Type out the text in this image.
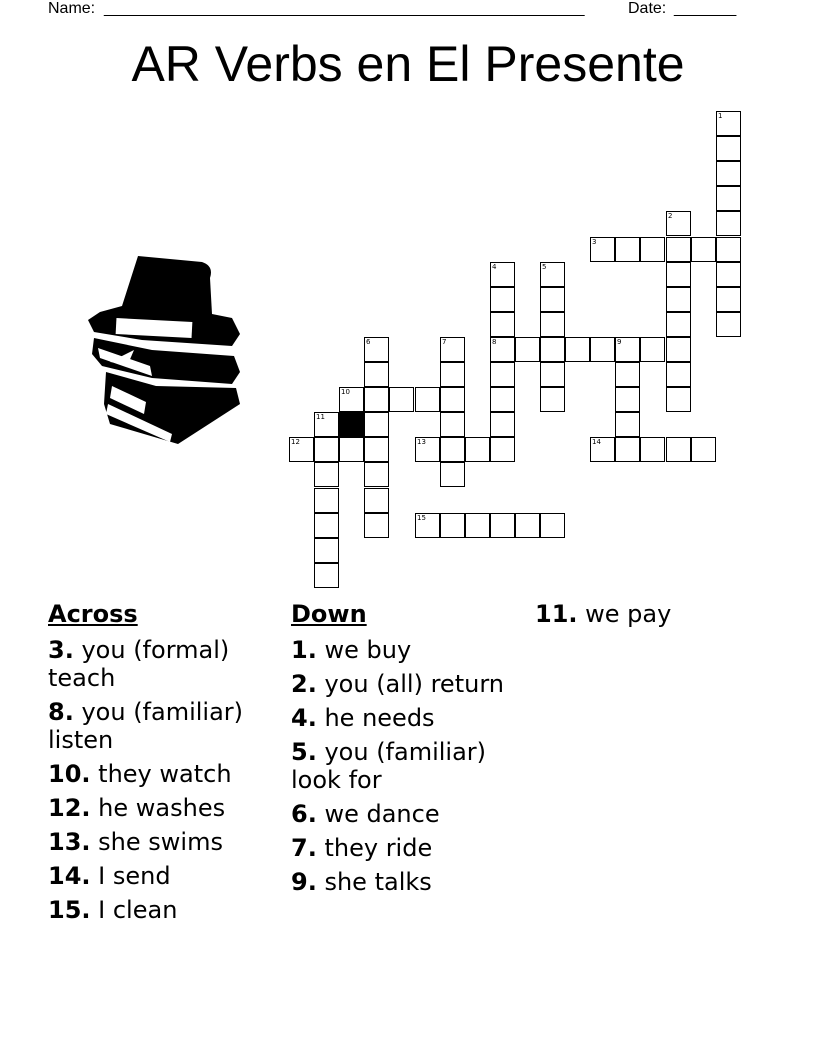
Name: ______________________________________________________	Date: _______
AR Verbs en El Presente
3
8	9
10
12	13	14
15
1
2
4	5
6	7
11
Across
3. you (formal) teach
8. you (familiar) listen
10. they watch
12. he washes
13. she swims
14. I send
15. I clean
Down
1. we buy
2. you (all) return
4. he needs
5. you (familiar) look for
6. we dance
7. they ride
9. she talks
11. we pay
